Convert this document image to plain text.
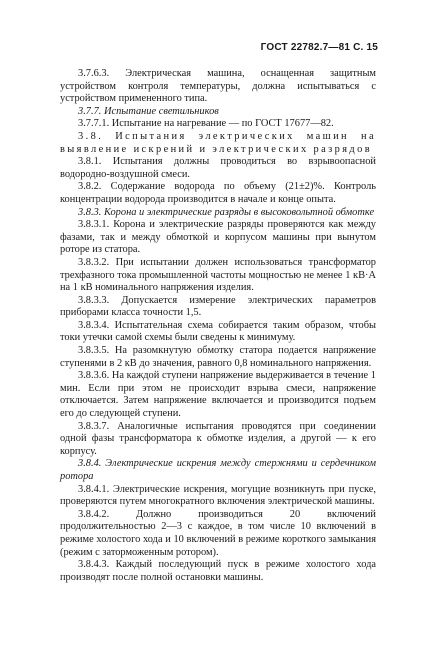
ГОСТ 22782.7—81 С. 15

3.7.6.3. Электрическая машина, оснащенная защитным устройством контроля температуры, должна испытываться с устройством примененного типа.

3.7.7. Испытание светильников

3.7.7.1. Испытание на нагревание — по ГОСТ 17677—82.

3.8. Испытания электрических машин на выявление искрений и электрических разрядов

3.8.1. Испытания должны проводиться во взрывоопасной водородно-воздушной смеси.

3.8.2. Содержание водорода по объему (21±2)%. Контроль концентрации водорода производится в начале и конце опыта.

3.8.3. Корона и электрические разряды в высоковольтной обмотке

3.8.3.1. Корона и электрические разряды проверяются как между фазами, так и между обмоткой и корпусом машины при вынутом роторе из статора.

3.8.3.2. При испытании должен использоваться трансформатор трехфазного тока промышленной частоты мощностью не менее 1 кВ·А на 1 кВ номинального напряжения изделия.

3.8.3.3. Допускается измерение электрических параметров приборами класса точности 1,5.

3.8.3.4. Испытательная схема собирается таким образом, чтобы токи утечки самой схемы были сведены к минимуму.

3.8.3.5. На разомкнутую обмотку статора подается напряжение ступенями в 2 кВ до значения, равного 0,8 номинального напряжения.

3.8.3.6. На каждой ступени напряжение выдерживается в течение 1 мин. Если при этом не происходит взрыва смеси, напряжение отключается. Затем напряжение включается и производится подъем его до следующей ступени.

3.8.3.7. Аналогичные испытания проводятся при соединении одной фазы трансформатора к обмотке изделия, а другой — к его корпусу.

3.8.4. Электрические искрения между стержнями и сердечником ротора

3.8.4.1. Электрические искрения, могущие возникнуть при пуске, проверяются путем многократного включения электрической машины.

3.8.4.2. Должно производиться 20 включений продолжительностью 2—3 с каждое, в том числе 10 включений в режиме холостого хода и 10 включений в режиме короткого замыкания (режим с заторможенным ротором).

3.8.4.3. Каждый последующий пуск в режиме холостого хода производят после полной остановки машины.
